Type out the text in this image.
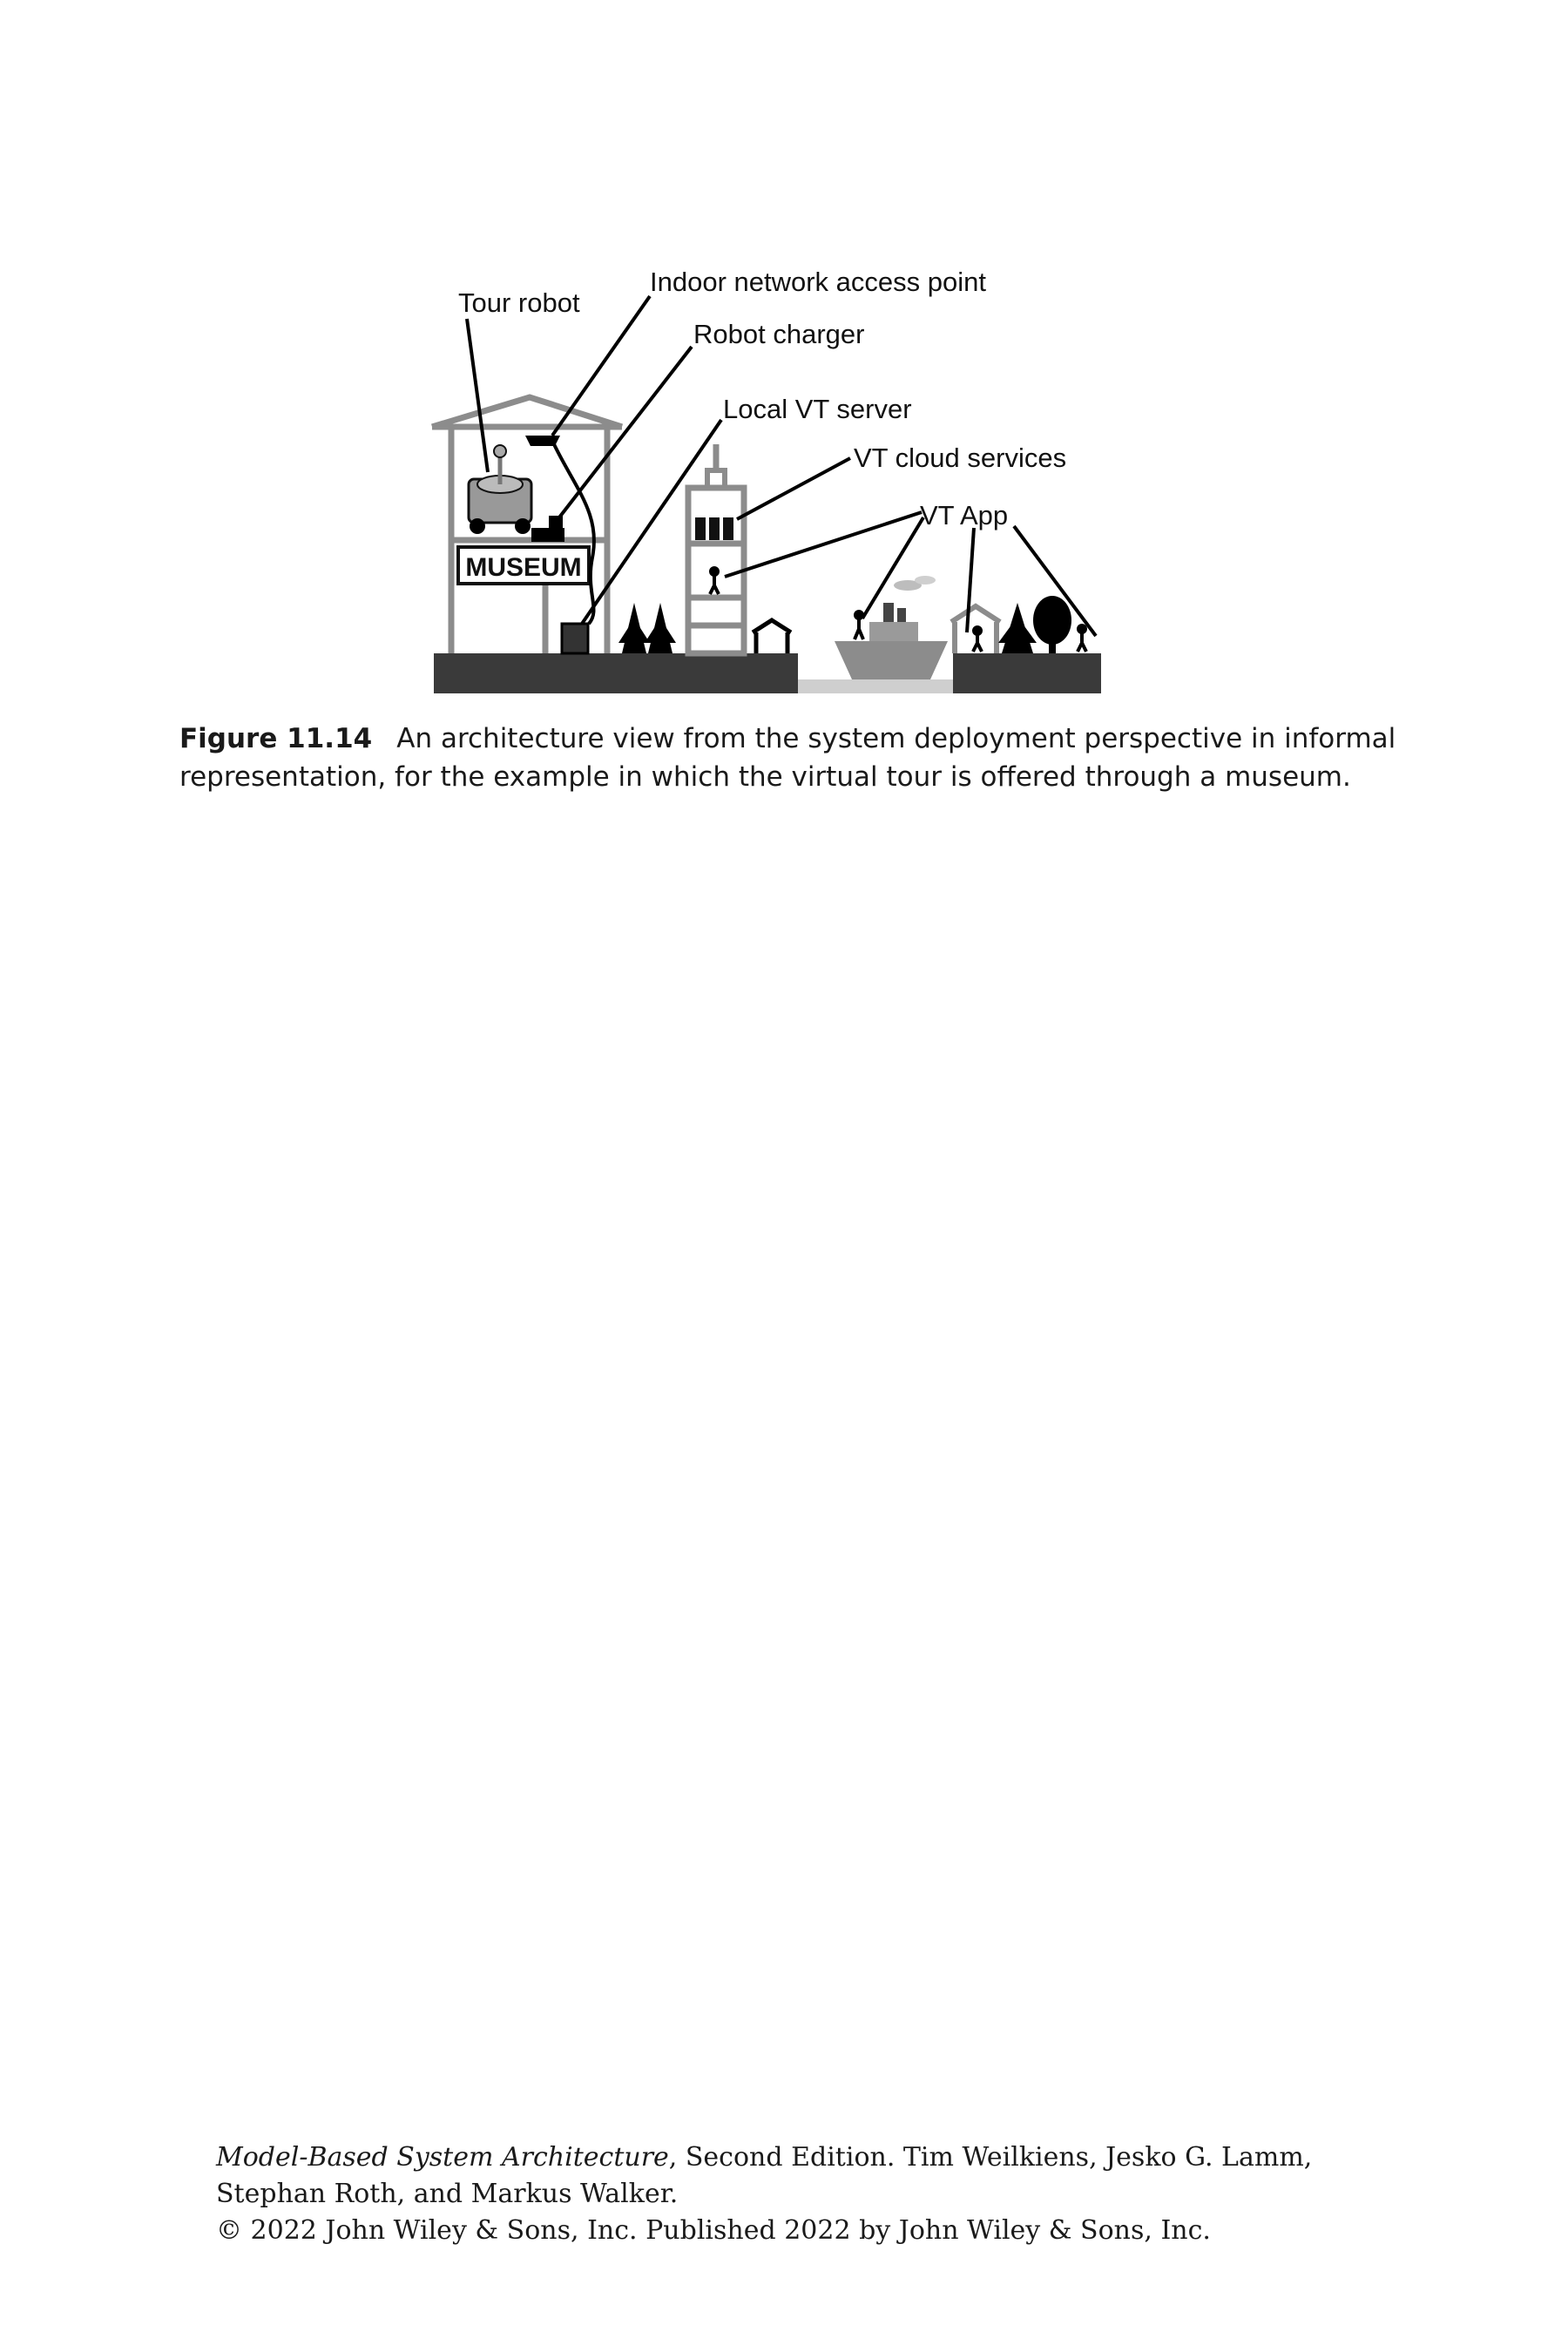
MUSEUM
Tour robot
Indoor network access point
Robot charger
Local VT server
VT cloud services
VT App
Figure 11.14 An architecture view from the system deployment perspective in informal representation, for the example in which the virtual tour is offered through a museum.
Model-Based System Architecture, Second Edition. Tim Weilkiens, Jesko G. Lamm,
Stephan Roth, and Markus Walker.
© 2022 John Wiley & Sons, Inc. Published 2022 by John Wiley & Sons, Inc.
